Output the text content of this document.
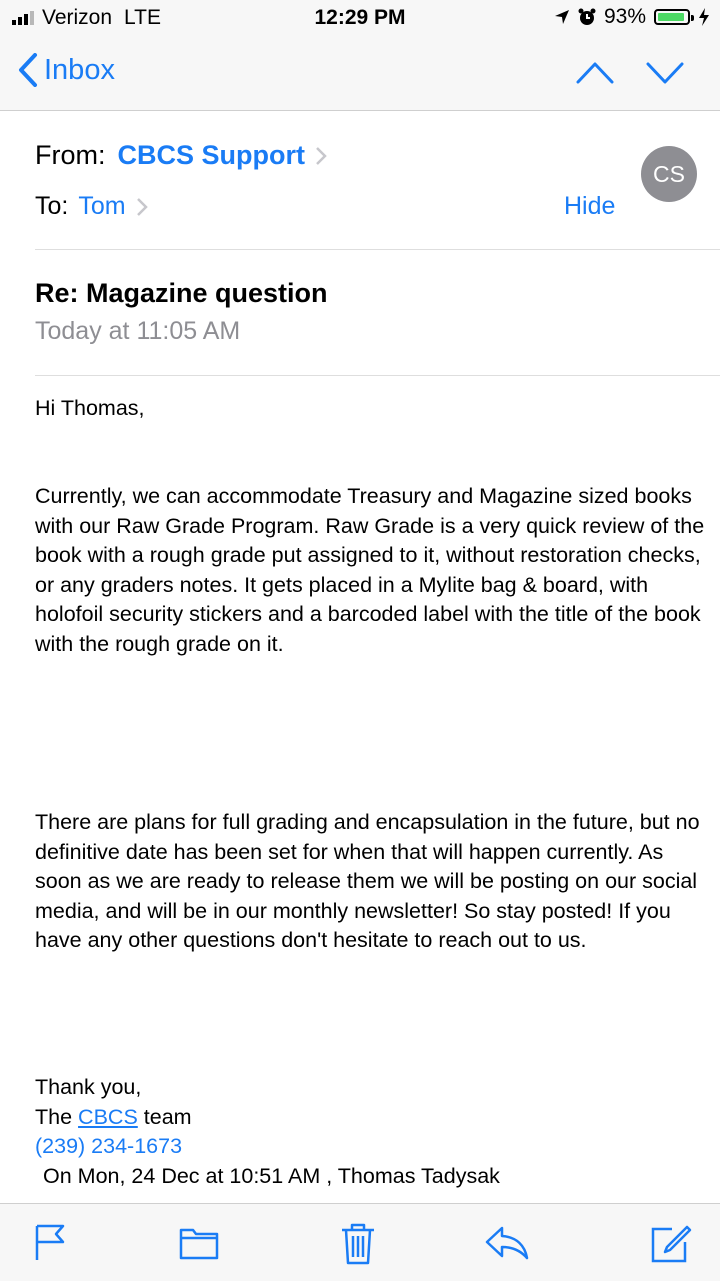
Verizon LTE	12:29 PM	93%
Inbox
From: CBCS Support
To: Tom
CS
Hide
Re: Magazine question
Today at 11:05 AM
Hi Thomas,
Currently, we can accommodate Treasury and Magazine sized books with our Raw Grade Program. Raw Grade is a very quick review of the book with a rough grade put assigned to it, without restoration checks, or any graders notes. It gets placed in a Mylite bag & board, with holofoil security stickers and a barcoded label with the title of the book with the rough grade on it.
There are plans for full grading and encapsulation in the future, but no definitive date has been set for when that will happen currently. As soon as we are ready to release them we will be posting on our social media, and will be in our monthly newsletter! So stay posted! If you have any other questions don't hesitate to reach out to us.
Thank you,
The CBCS team
(239) 234-1673
On Mon, 24 Dec at 10:51 AM , Thomas Tadysak
